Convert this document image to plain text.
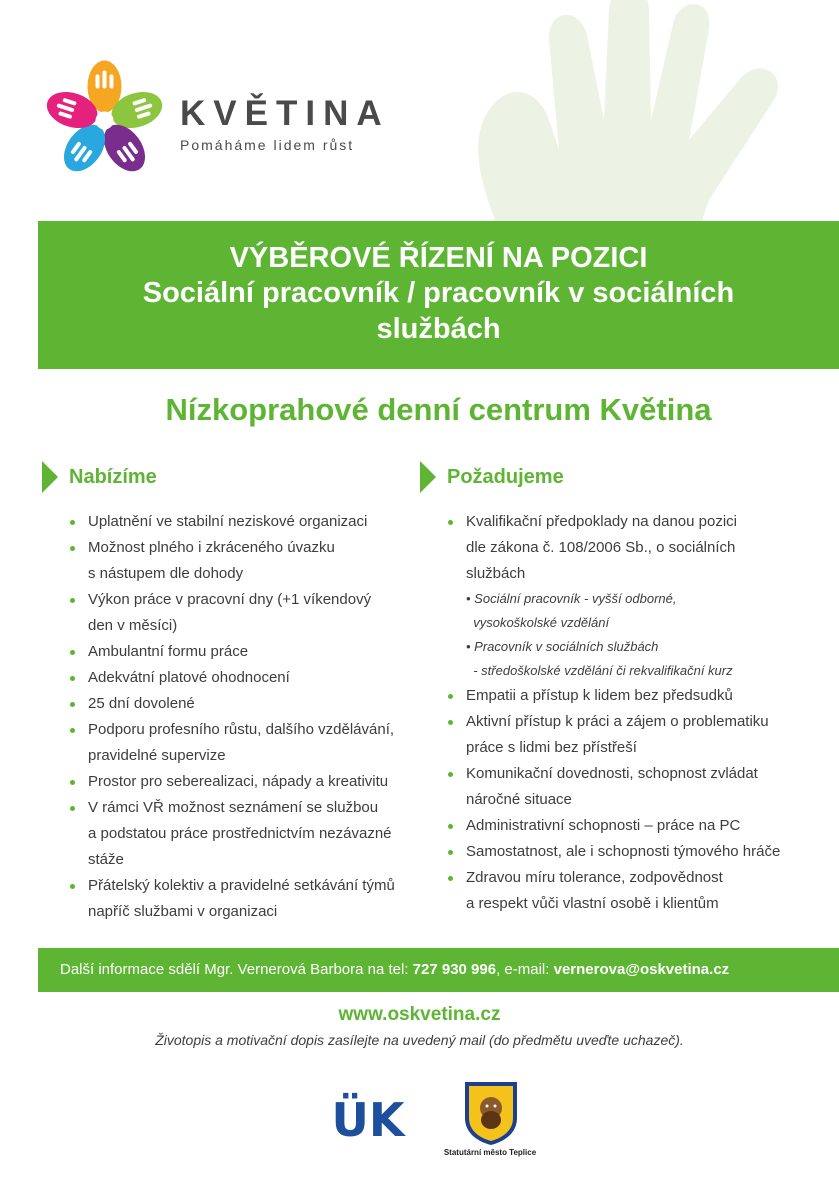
KVĚTINA
Pomáháme lidem růst
VÝBĚROVÉ ŘÍZENÍ NA POZICI
Sociální pracovník / pracovník v sociálních
službách
Nízkoprahové denní centrum Květina
Nabízíme
Uplatnění ve stabilní neziskové organizaci
Možnost plného i zkráceného úvazku
s nástupem dle dohody
Výkon práce v pracovní dny (+1 víkendový
den v měsíci)
Ambulantní formu práce
Adekvátní platové ohodnocení
25 dní dovolené
Podporu profesního růstu, dalšího vzdělávání,
pravidelné supervize
Prostor pro seberealizaci, nápady a kreativitu
V rámci VŘ možnost seznámení se službou
a podstatou práce prostřednictvím nezávazné
stáže
Přátelský kolektiv a pravidelné setkávání týmů
napříč službami v organizaci
Požadujeme
Kvalifikační předpoklady na danou pozici
dle zákona č. 108/2006 Sb., o sociálních
službách
• Sociální pracovník - vyšší odborné,
vysokoškolské vzdělání
• Pracovník v sociálních službách
- středoškolské vzdělání či rekvalifikační kurz
Empatii a přístup k lidem bez předsudků
Aktivní přístup k práci a zájem o problematiku
práce s lidmi bez přístřeší
Komunikační dovednosti, schopnost zvládat
náročné situace
Administrativní schopnosti – práce na PC
Samostatnost, ale i schopnosti týmového hráče
Zdravou míru tolerance, zodpovědnost
a respekt vůči vlastní osobě i klientům
Další informace sdělí Mgr. Vernerová Barbora na tel: 727 930 996, e-mail: vernerova@oskvetina.cz
www.oskvetina.cz
Životopis a motivační dopis zasílejte na uvedený mail (do předmětu uveďte uchazeč).
ÜK
Statutární město Teplice
